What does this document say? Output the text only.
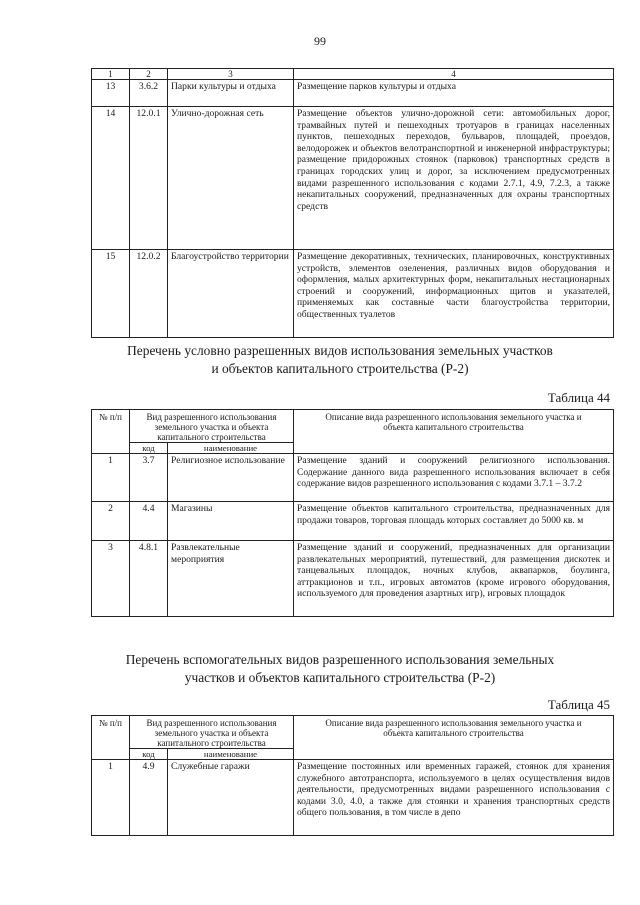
99
1	2	3	4
13	3.6.2	Парки культуры и отдыха	Размещение парков культуры и отдыха
14	12.0.1	Улично-дорожная сеть	Размещение объектов улично-дорожной сети: автомобильных дорог, трамвайных путей и пешеходных тротуаров в границах населенных пунктов, пешеходных переходов, бульваров, площадей, проездов, велодорожек и объектов велотранспортной и инженерной инфраструктуры; размещение придорожных стоянок (парковок) транспортных средств в границах городских улиц и дорог, за исключением предусмотренных видами разрешенного использования с кодами 2.7.1, 4.9, 7.2.3, а также некапитальных сооружений, предназначенных для охраны транспортных средств
15	12.0.2	Благоустройство территории	Размещение декоративных, технических, планировочных, конструктивных устройств, элементов озеленения, различных видов оборудования и оформления, малых архитектурных форм, некапитальных нестационарных строений и сооружений, информационных щитов и указателей, применяемых как составные части благоустройства территории, общественных туалетов
Перечень условно разрешенных видов использования земельных участков
и объектов капитального строительства (Р-2)
Таблица 44
№ п/п	Вид разрешенного использования земельного участка и объекта капитального строительства		Описание вида разрешенного использования земельного участка и объекта капитального строительства
	код	наименование	
1	3.7	Религиозное использование	Размещение зданий и сооружений религиозного использования. Содержание данного вида разрешенного использования включает в себя содержание видов разрешенного использования с кодами 3.7.1 – 3.7.2
2	4.4	Магазины	Размещение объектов капитального строительства, предназначенных для продажи товаров, торговая площадь которых составляет до 5000 кв. м
3	4.8.1	Развлекательные мероприятия	Размещение зданий и сооружений, предназначенных для организации развлекательных мероприятий, путешествий, для размещения дискотек и танцевальных площадок, ночных клубов, аквапарков, боулинга, аттракционов и т.п., игровых автоматов (кроме игрового оборудования, используемого для проведения азартных игр), игровых площадок
Перечень вспомогательных видов разрешенного использования земельных
участков и объектов капитального строительства (Р-2)
Таблица 45
№ п/п	Вид разрешенного использования земельного участка и объекта капитального строительства		Описание вида разрешенного использования земельного участка и объекта капитального строительства
	код	наименование	
1	4.9	Служебные гаражи	Размещение постоянных или временных гаражей, стоянок для хранения служебного автотранспорта, используемого в целях осуществления видов деятельности, предусмотренных видами разрешенного использования с кодами 3.0, 4.0, а также для стоянки и хранения транспортных средств общего пользования, в том числе в депо
